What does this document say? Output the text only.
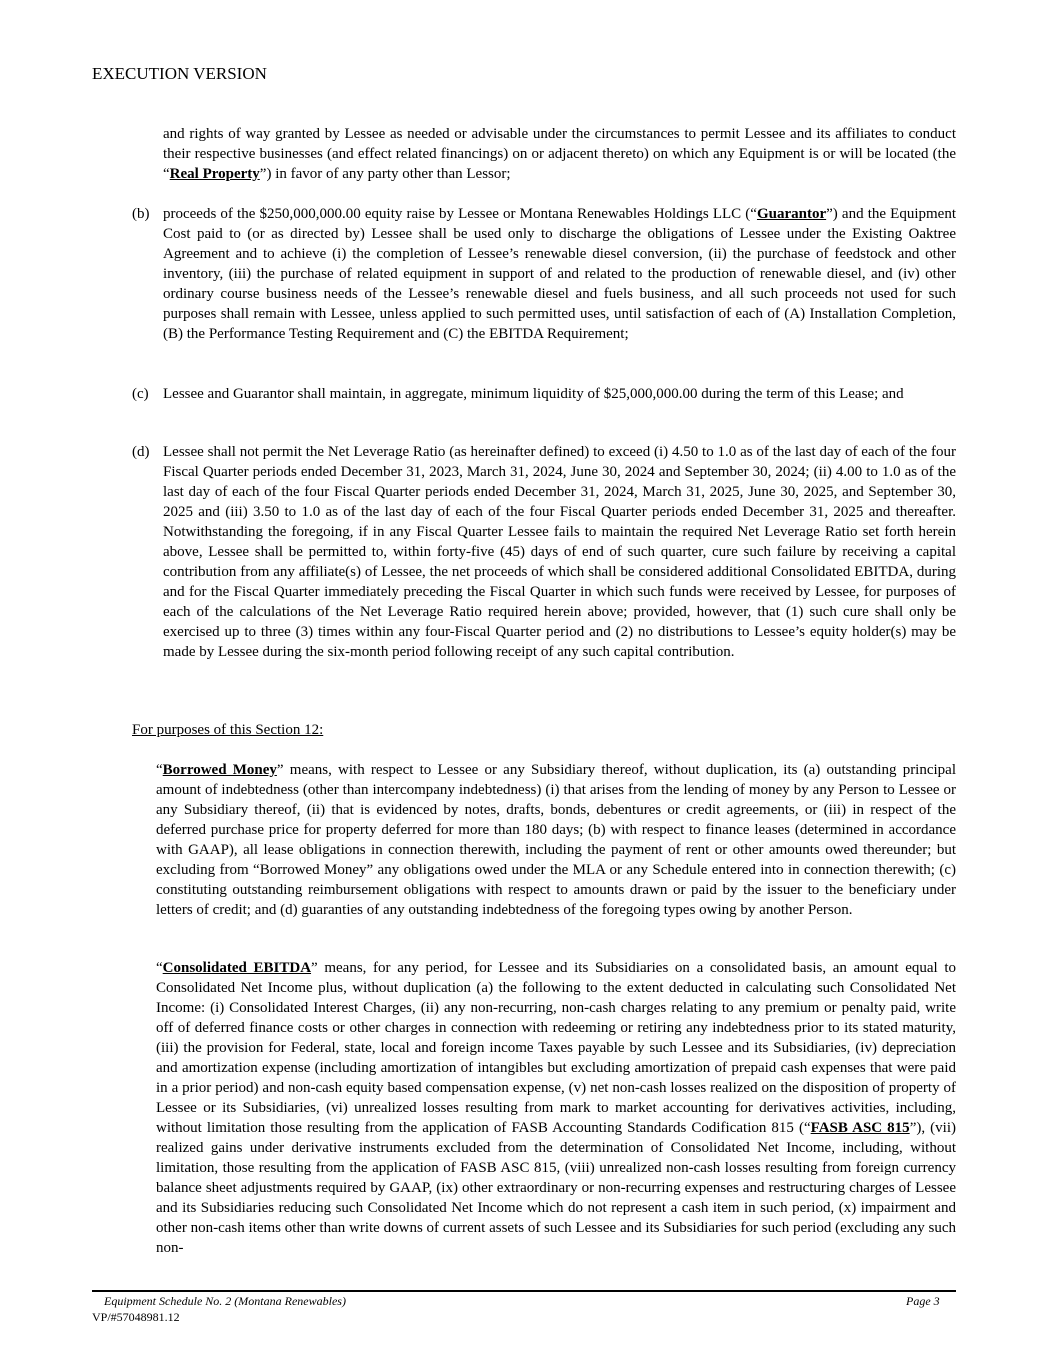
EXECUTION VERSION
and rights of way granted by Lessee as needed or advisable under the circumstances to permit Lessee and its affiliates to conduct their respective businesses (and effect related financings) on or adjacent thereto) on which any Equipment is or will be located (the “Real Property”) in favor of any party other than Lessor;
(b) proceeds of the $250,000,000.00 equity raise by Lessee or Montana Renewables Holdings LLC (“Guarantor”) and the Equipment Cost paid to (or as directed by) Lessee shall be used only to discharge the obligations of Lessee under the Existing Oaktree Agreement and to achieve (i) the completion of Lessee’s renewable diesel conversion, (ii) the purchase of feedstock and other inventory, (iii) the purchase of related equipment in support of and related to the production of renewable diesel, and (iv) other ordinary course business needs of the Lessee’s renewable diesel and fuels business, and all such proceeds not used for such purposes shall remain with Lessee, unless applied to such permitted uses, until satisfaction of each of (A) Installation Completion, (B) the Performance Testing Requirement and (C) the EBITDA Requirement;
(c) Lessee and Guarantor shall maintain, in aggregate, minimum liquidity of $25,000,000.00 during the term of this Lease; and
(d) Lessee shall not permit the Net Leverage Ratio (as hereinafter defined) to exceed (i) 4.50 to 1.0 as of the last day of each of the four Fiscal Quarter periods ended December 31, 2023, March 31, 2024, June 30, 2024 and September 30, 2024; (ii) 4.00 to 1.0 as of the last day of each of the four Fiscal Quarter periods ended December 31, 2024, March 31, 2025, June 30, 2025, and September 30, 2025 and (iii) 3.50 to 1.0 as of the last day of each of the four Fiscal Quarter periods ended December 31, 2025 and thereafter. Notwithstanding the foregoing, if in any Fiscal Quarter Lessee fails to maintain the required Net Leverage Ratio set forth herein above, Lessee shall be permitted to, within forty-five (45) days of end of such quarter, cure such failure by receiving a capital contribution from any affiliate(s) of Lessee, the net proceeds of which shall be considered additional Consolidated EBITDA, during and for the Fiscal Quarter immediately preceding the Fiscal Quarter in which such funds were received by Lessee, for purposes of each of the calculations of the Net Leverage Ratio required herein above; provided, however, that (1) such cure shall only be exercised up to three (3) times within any four-Fiscal Quarter period and (2) no distributions to Lessee’s equity holder(s) may be made by Lessee during the six-month period following receipt of any such capital contribution.
For purposes of this Section 12:
“Borrowed Money” means, with respect to Lessee or any Subsidiary thereof, without duplication, its (a) outstanding principal amount of indebtedness (other than intercompany indebtedness) (i) that arises from the lending of money by any Person to Lessee or any Subsidiary thereof, (ii) that is evidenced by notes, drafts, bonds, debentures or credit agreements, or (iii) in respect of the deferred purchase price for property deferred for more than 180 days; (b) with respect to finance leases (determined in accordance with GAAP), all lease obligations in connection therewith, including the payment of rent or other amounts owed thereunder; but excluding from “Borrowed Money” any obligations owed under the MLA or any Schedule entered into in connection therewith; (c) constituting outstanding reimbursement obligations with respect to amounts drawn or paid by the issuer to the beneficiary under letters of credit; and (d) guaranties of any outstanding indebtedness of the foregoing types owing by another Person.
“Consolidated EBITDA” means, for any period, for Lessee and its Subsidiaries on a consolidated basis, an amount equal to Consolidated Net Income plus, without duplication (a) the following to the extent deducted in calculating such Consolidated Net Income: (i) Consolidated Interest Charges, (ii) any non-recurring, non-cash charges relating to any premium or penalty paid, write off of deferred finance costs or other charges in connection with redeeming or retiring any indebtedness prior to its stated maturity, (iii) the provision for Federal, state, local and foreign income Taxes payable by such Lessee and its Subsidiaries, (iv) depreciation and amortization expense (including amortization of intangibles but excluding amortization of prepaid cash expenses that were paid in a prior period) and non-cash equity based compensation expense, (v) net non-cash losses realized on the disposition of property of Lessee or its Subsidiaries, (vi) unrealized losses resulting from mark to market accounting for derivatives activities, including, without limitation those resulting from the application of FASB Accounting Standards Codification 815 (“FASB ASC 815”), (vii) realized gains under derivative instruments excluded from the determination of Consolidated Net Income, including, without limitation, those resulting from the application of FASB ASC 815, (viii) unrealized non-cash losses resulting from foreign currency balance sheet adjustments required by GAAP, (ix) other extraordinary or non-recurring expenses and restructuring charges of Lessee and its Subsidiaries reducing such Consolidated Net Income which do not represent a cash item in such period, (x) impairment and other non-cash items other than write downs of current assets of such Lessee and its Subsidiaries for such period (excluding any such non-
Equipment Schedule No. 2 (Montana Renewables)	Page 3
VP/#57048981.12
